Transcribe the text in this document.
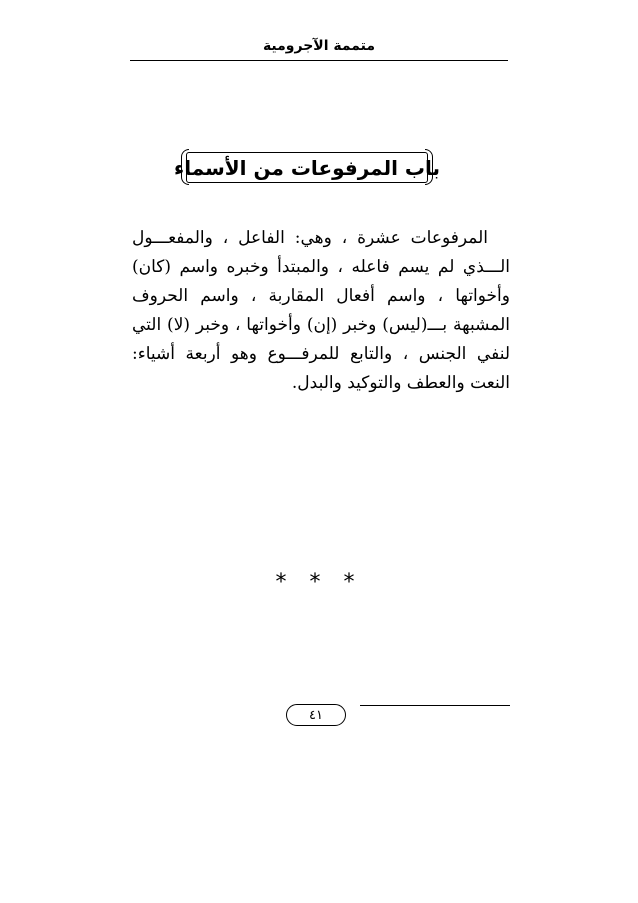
متممة الآجرومية
باب المرفوعات من الأسماء

المرفوعات عشرة ، وهي: الفاعل ، والمفعـــول الـــذي لم يسم فاعله ، والمبتدأ وخبره واسم (كان) وأخواتها ، واسم أفعال المقاربة ، واسم الحروف المشبهة بـــ(ليس) وخبر (إن) وأخواتها ، وخبر (لا) التي لنفي الجنس ، والتابع للمرفـــوع وهو أربعة أشياء: النعت والعطف والتوكيد والبدل.

* * *
٤١
